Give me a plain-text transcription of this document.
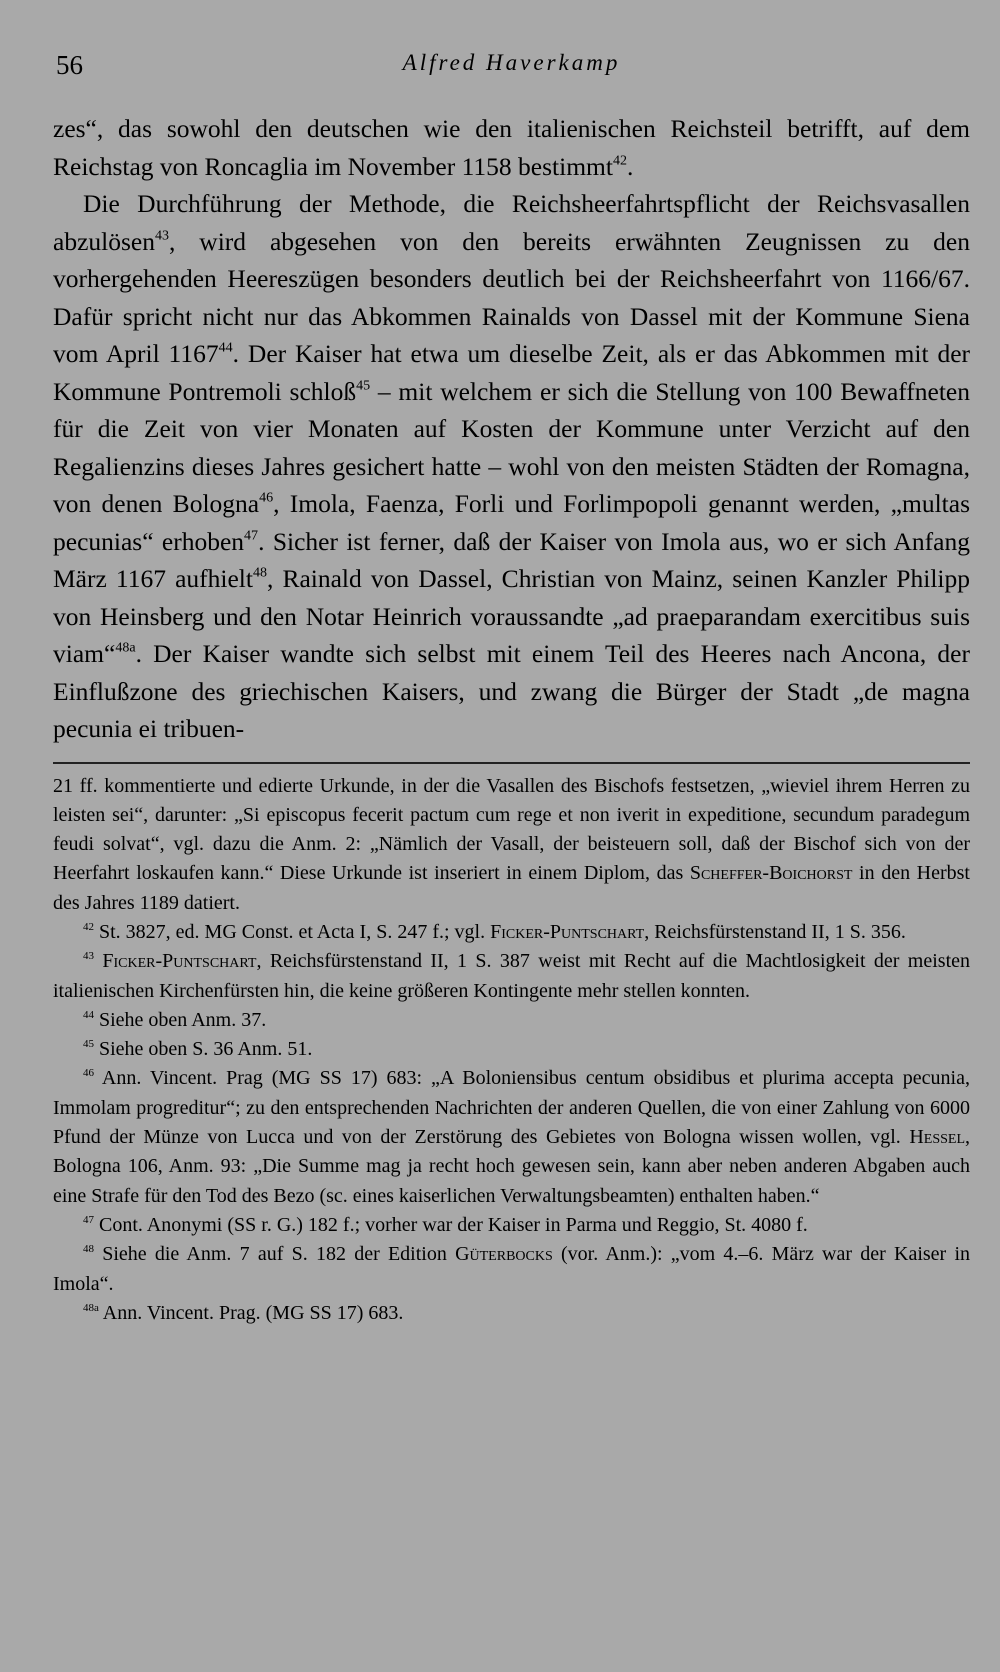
56	Alfred Haverkamp

zes“, das sowohl den deutschen wie den italienischen Reichsteil betrifft, auf dem Reichstag von Roncaglia im November 1158 bestimmt$^{42}$.

Die Durchführung der Methode, die Reichsheerfahrtspflicht der Reichsvasallen abzulösen$^{43}$, wird abgesehen von den bereits erwähnten Zeugnissen zu den vorhergehenden Heereszügen besonders deutlich bei der Reichsheerfahrt von 1166/67. Dafür spricht nicht nur das Abkommen Rainalds von Dassel mit der Kommune Siena vom April 1167$^{44}$. Der Kaiser hat etwa um dieselbe Zeit, als er das Abkommen mit der Kommune Pontremoli schloß$^{45}$ – mit welchem er sich die Stellung von 100 Bewaffneten für die Zeit von vier Monaten auf Kosten der Kommune unter Verzicht auf den Regalienzins dieses Jahres gesichert hatte – wohl von den meisten Städten der Romagna, von denen Bologna$^{46}$, Imola, Faenza, Forli und Forlimpopoli genannt werden, „multas pecunias“ erhoben$^{47}$. Sicher ist ferner, daß der Kaiser von Imola aus, wo er sich Anfang März 1167 aufhielt$^{48}$, Rainald von Dassel, Christian von Mainz, seinen Kanzler Philipp von Heinsberg und den Notar Heinrich voraussandte „ad praeparandam exercitibus suis viam“$^{48a}$. Der Kaiser wandte sich selbst mit einem Teil des Heeres nach Ancona, der Einflußzone des griechischen Kaisers, und zwang die Bürger der Stadt „de magna pecunia ei tribuen-

21 ff. kommentierte und edierte Urkunde, in der die Vasallen des Bischofs festsetzen, „wieviel ihrem Herren zu leisten sei“, darunter: „Si episcopus fecerit pactum cum rege et non iverit in expeditione, secundum paradegum feudi solvat“, vgl. dazu die Anm. 2: „Nämlich der Vasall, der beisteuern soll, daß der Bischof sich von der Heerfahrt loskaufen kann.“ Diese Urkunde ist inseriert in einem Diplom, das Scheffer-Boichorst in den Herbst des Jahres 1189 datiert.

$^{42}$ St. 3827, ed. MG Const. et Acta I, S. 247 f.; vgl. Ficker-Puntschart, Reichsfürstenstand II, 1 S. 356.

$^{43}$ Ficker-Puntschart, Reichsfürstenstand II, 1 S. 387 weist mit Recht auf die Machtlosigkeit der meisten italienischen Kirchenfürsten hin, die keine größeren Kontingente mehr stellen konnten.

$^{44}$ Siehe oben Anm. 37.

$^{45}$ Siehe oben S. 36 Anm. 51.

$^{46}$ Ann. Vincent. Prag (MG SS 17) 683: „A Boloniensibus centum obsidibus et plurima accepta pecunia, Immolam progreditur“; zu den entsprechenden Nachrichten der anderen Quellen, die von einer Zahlung von 6000 Pfund der Münze von Lucca und von der Zerstörung des Gebietes von Bologna wissen wollen, vgl. Hessel, Bologna 106, Anm. 93: „Die Summe mag ja recht hoch gewesen sein, kann aber neben anderen Abgaben auch eine Strafe für den Tod des Bezo (sc. eines kaiserlichen Verwaltungsbeamten) enthalten haben.“

$^{47}$ Cont. Anonymi (SS r. G.) 182 f.; vorher war der Kaiser in Parma und Reggio, St. 4080 f.

$^{48}$ Siehe die Anm. 7 auf S. 182 der Edition Güterbocks (vor. Anm.): „vom 4.–6. März war der Kaiser in Imola“.

$^{48a}$ Ann. Vincent. Prag. (MG SS 17) 683.
